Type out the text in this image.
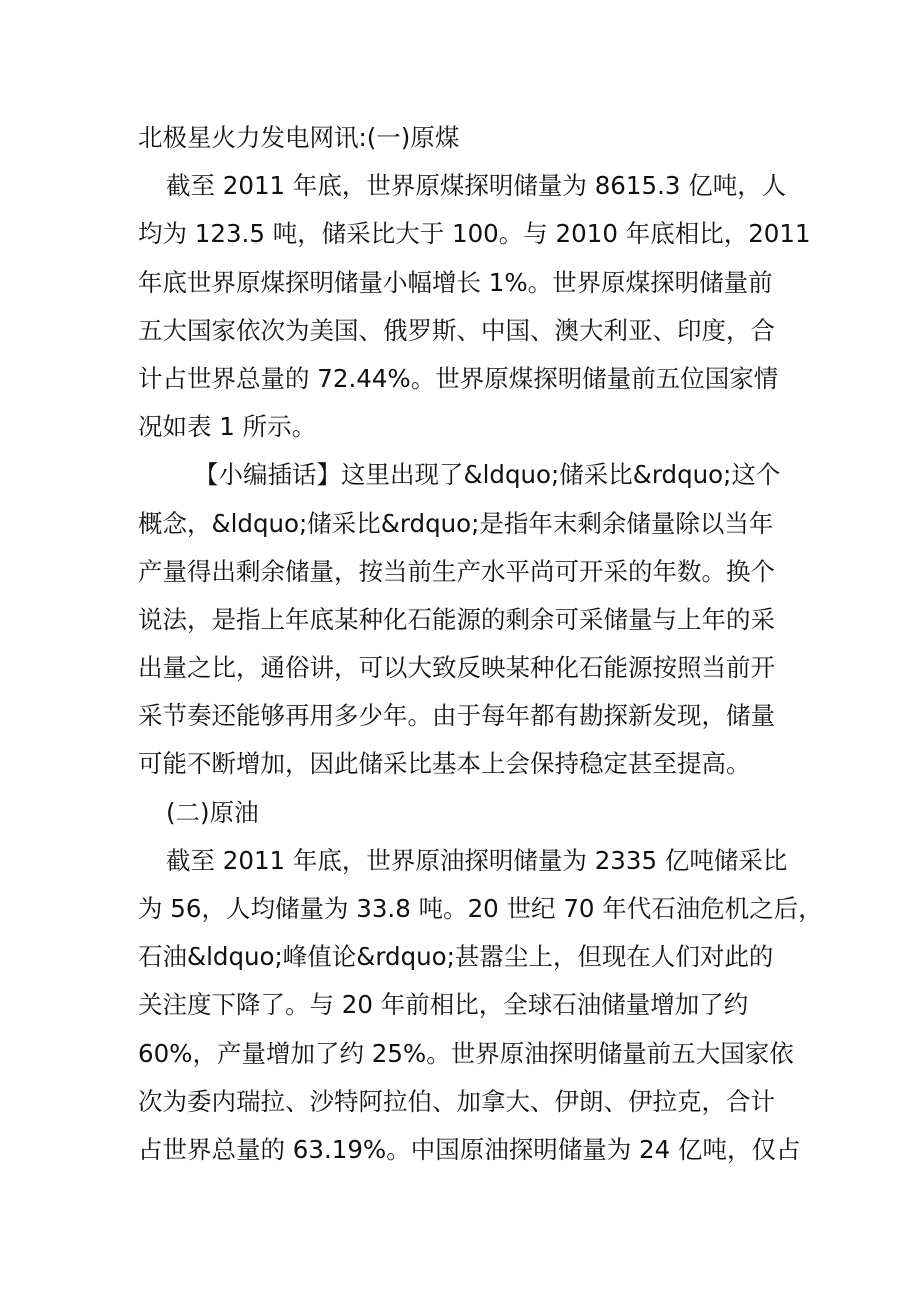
北极星火力发电网讯:(一)原煤
截至 2011 年底，世界原煤探明储量为 8615.3 亿吨，人
均为 123.5 吨，储采比大于 100。与 2010 年底相比，2011
年底世界原煤探明储量小幅增长 1%。世界原煤探明储量前
五大国家依次为美国、俄罗斯、中国、澳大利亚、印度，合
计占世界总量的 72.44%。世界原煤探明储量前五位国家情
况如表 1 所示。
【小编插话】这里出现了&ldquo;储采比&rdquo;这个
概念，&ldquo;储采比&rdquo;是指年末剩余储量除以当年
产量得出剩余储量，按当前生产水平尚可开采的年数。换个
说法，是指上年底某种化石能源的剩余可采储量与上年的采
出量之比，通俗讲，可以大致反映某种化石能源按照当前开
采节奏还能够再用多少年。由于每年都有勘探新发现，储量
可能不断增加，因此储采比基本上会保持稳定甚至提高。
(二)原油
截至 2011 年底，世界原油探明储量为 2335 亿吨储采比
为 56，人均储量为 33.8 吨。20 世纪 70 年代石油危机之后，
石油&ldquo;峰值论&rdquo;甚嚣尘上，但现在人们对此的
关注度下降了。与 20 年前相比，全球石油储量增加了约
60%，产量增加了约 25%。世界原油探明储量前五大国家依
次为委内瑞拉、沙特阿拉伯、加拿大、伊朗、伊拉克，合计
占世界总量的 63.19%。中国原油探明储量为 24 亿吨，仅占
